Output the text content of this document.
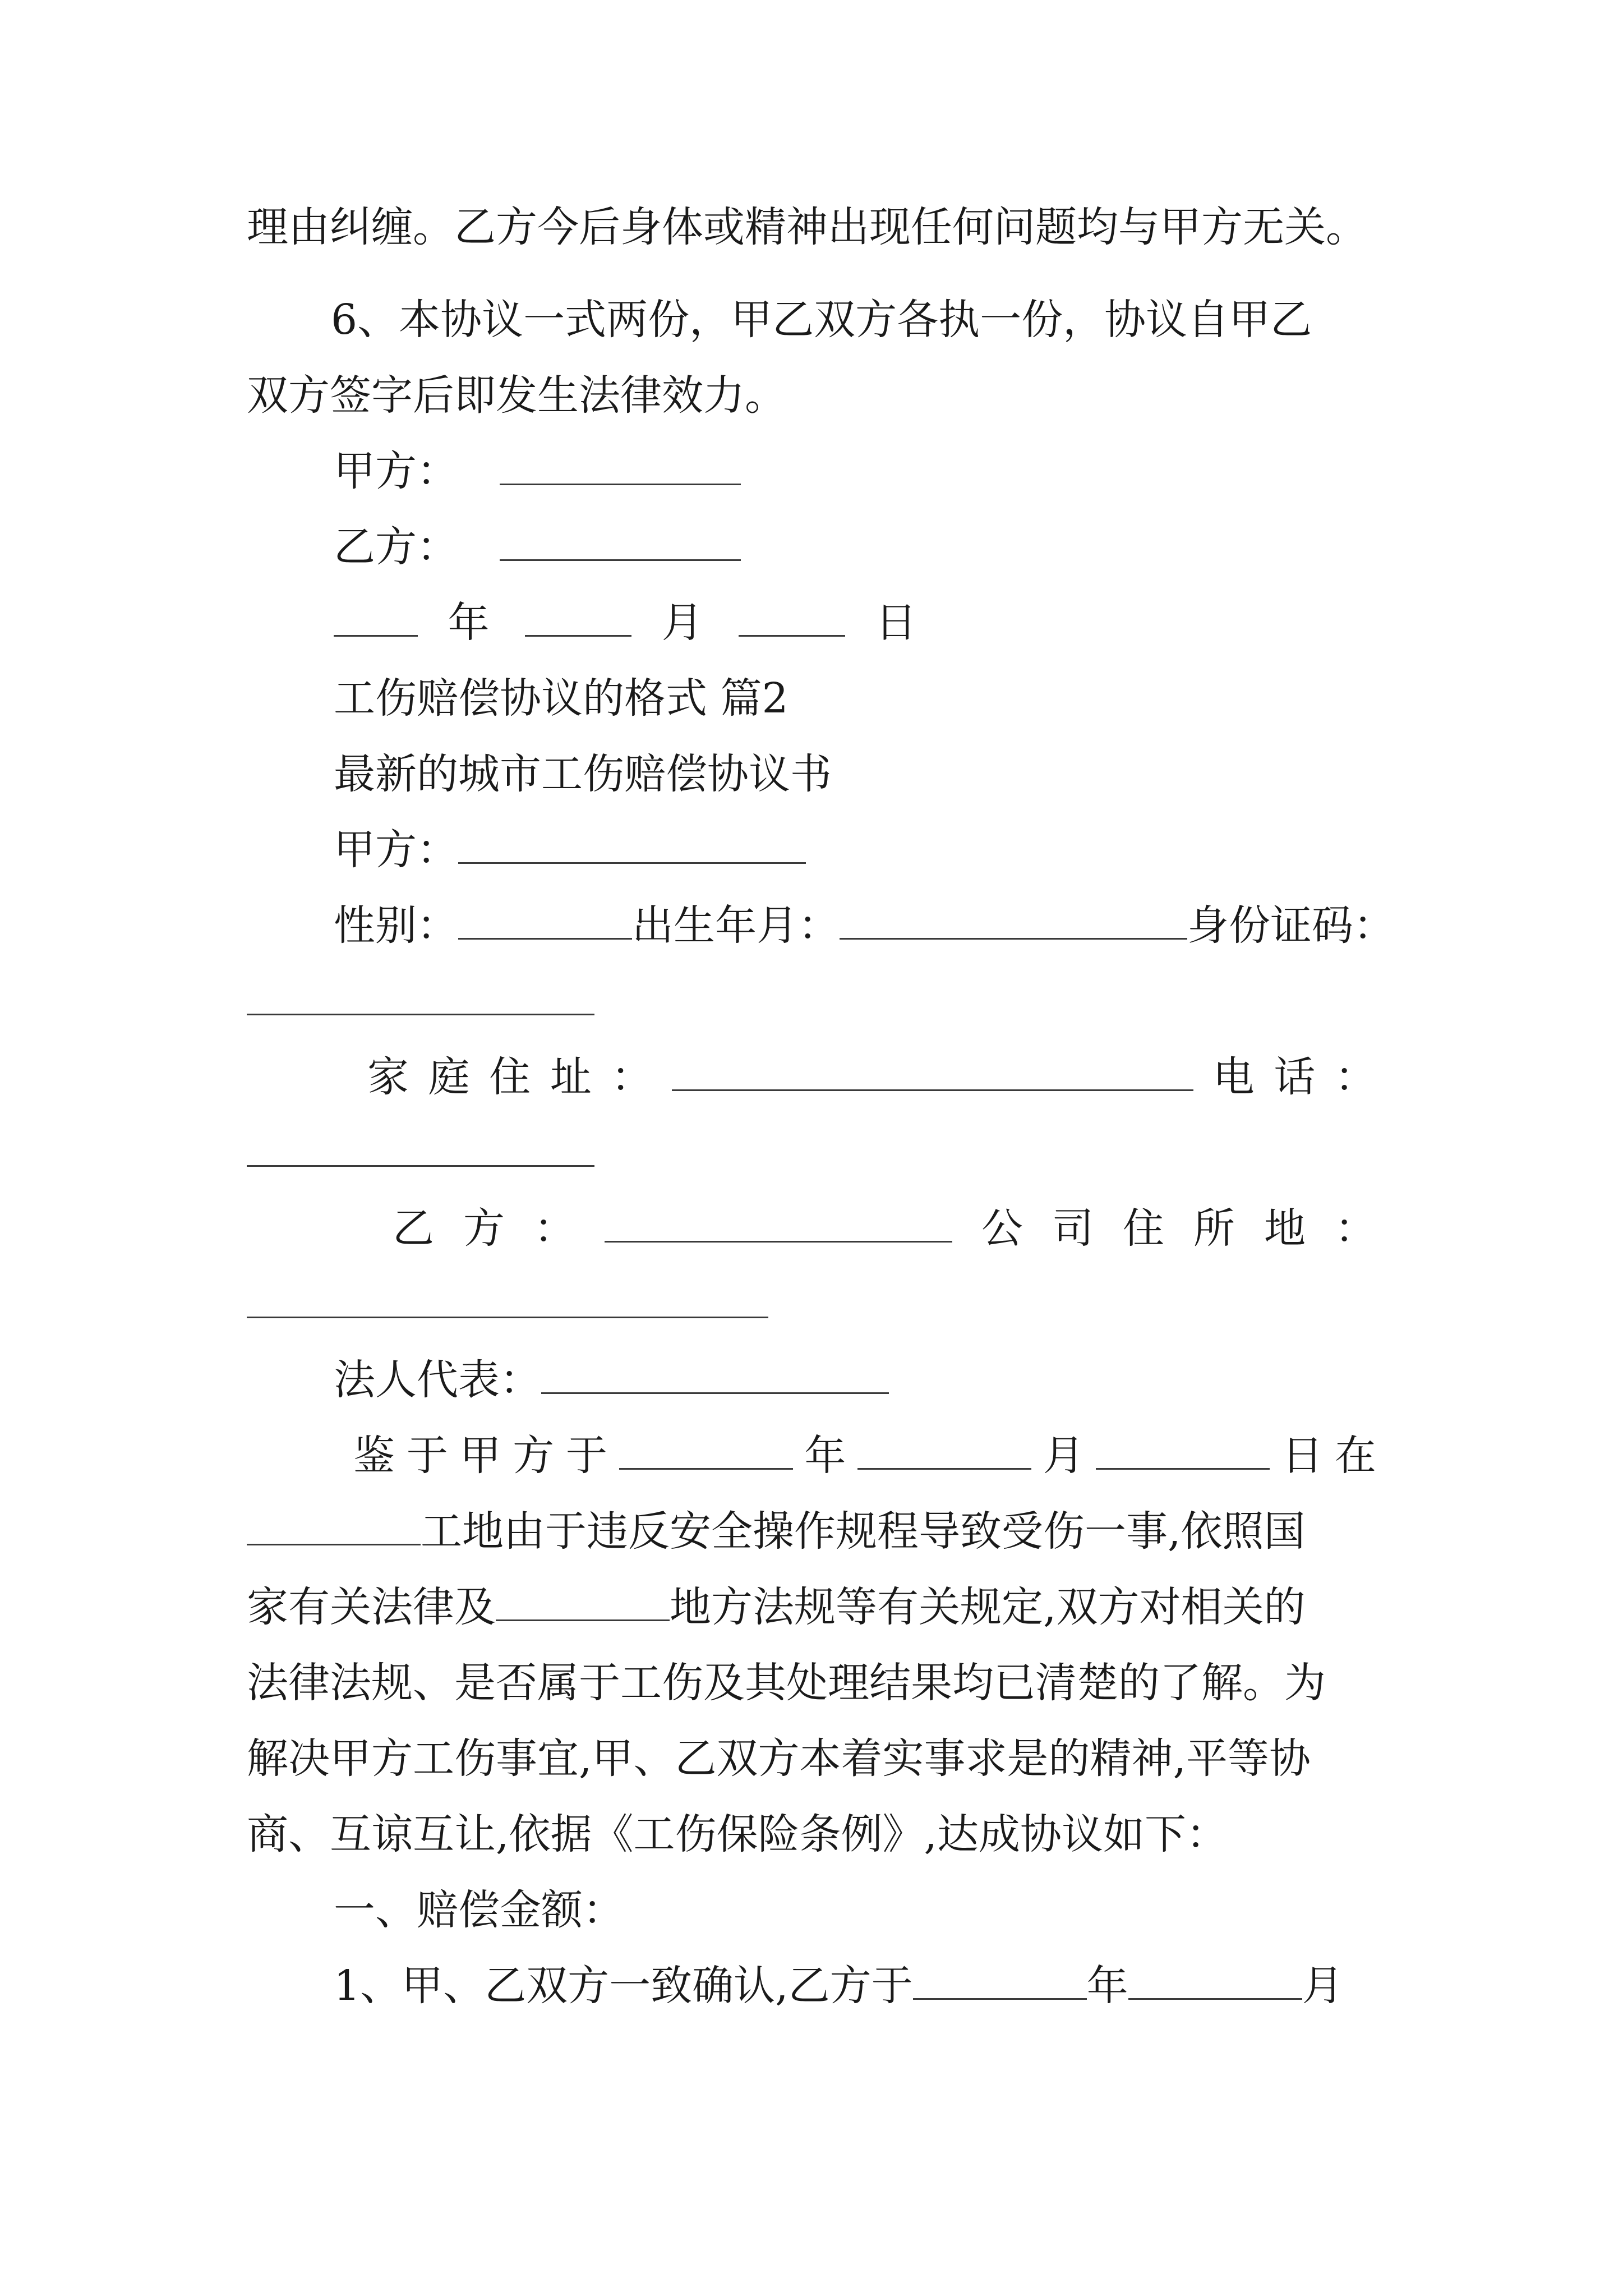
理由纠缠。乙方今后身体或精神出现任何问题均与甲方无关。
6、本协议一式两份，甲乙双方各执一份，协议自甲乙
双方签字后即发生法律效力。
甲方：
乙方：
年	月	日
工伤赔偿协议的格式 篇2
最新的城市工伤赔偿协议书
甲方：
性别：	出生年月：	身份证码：
家 庭 住 址 ：	电 话 ：
乙 方 ：	公 司 住 所 地 ：
法人代表：
鉴 于 甲 方 于	年	月	日 在
工地由于违反安全操作规程导致受伤一事,依照国
家有关法律及	地方法规等有关规定,双方对相关的
法律法规、是否属于工伤及其处理结果均已清楚的了解。为
解决甲方工伤事宜,甲、乙双方本着实事求是的精神,平等协
商、互谅互让,依据《工伤保险条例》,达成协议如下：
一、赔偿金额：
1、甲、乙双方一致确认,乙方于	年	月
